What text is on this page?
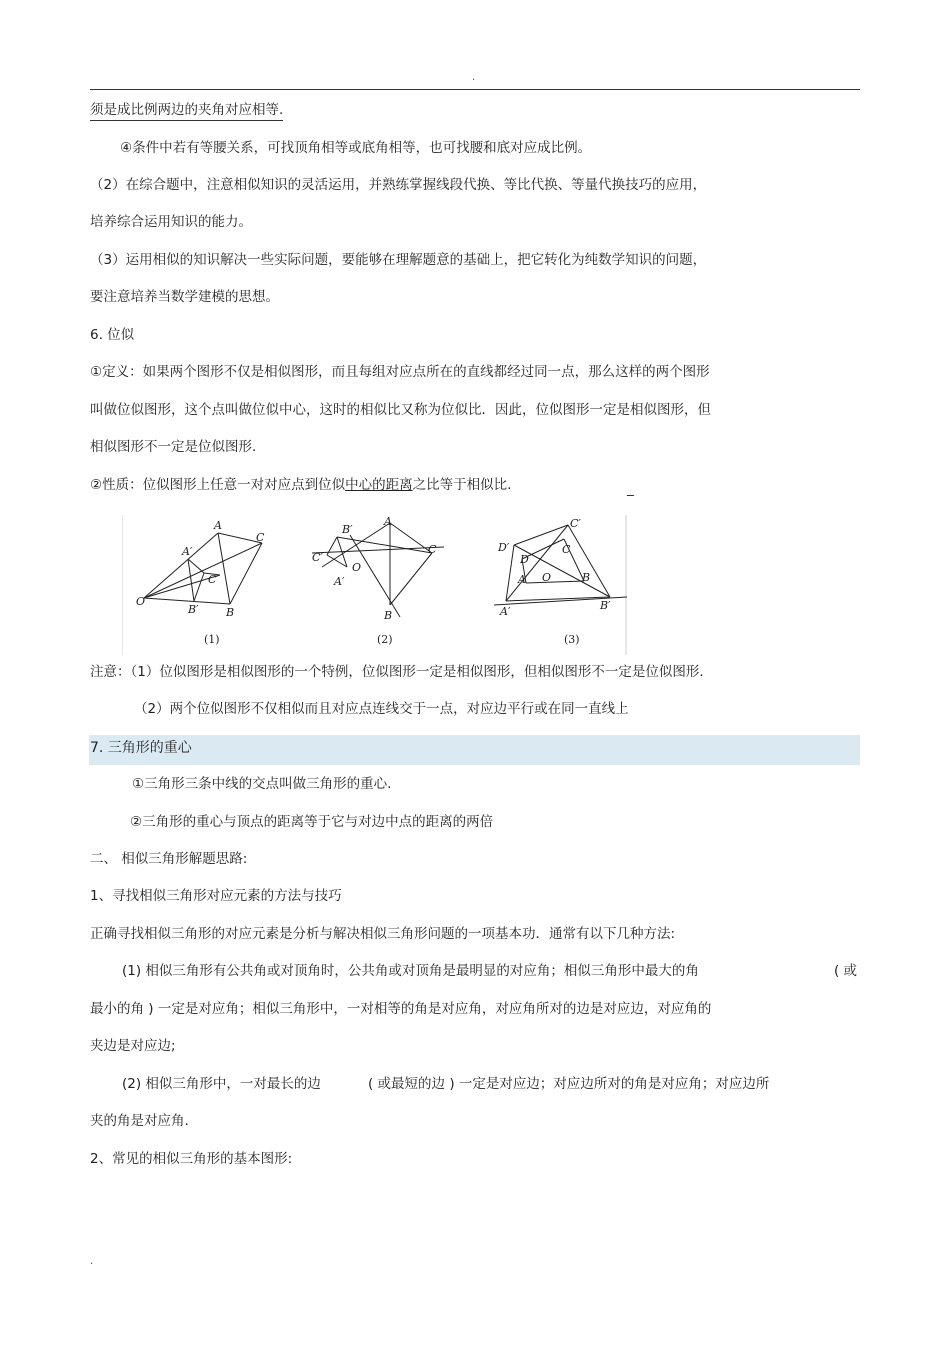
.
须是成比例两边的夹角对应相等.
④条件中若有等腰关系，可找顶角相等或底角相等，也可找腰和底对应成比例。
（2）在综合题中，注意相似知识的灵活运用，并熟练掌握线段代换、等比代换、等量代换技巧的应用，
培养综合运用知识的能力。
（3）运用相似的知识解决一些实际问题，要能够在理解题意的基础上，把它转化为纯数学知识的问题，
要注意培养当数学建模的思想。
6. 位似
①定义：如果两个图形不仅是相似图形，而且每组对应点所在的直线都经过同一点，那么这样的两个图形
叫做位似图形，这个点叫做位似中心，这时的相似比又称为位似比．因此，位似图形一定是相似图形，但
相似图形不一定是位似图形.
②性质：位似图形上任意一对对应点到位似中心的距离之比等于相似比.	_
O
A
A′
C
C′
B′ B
(1)
B′
A
C′
O
A′
C
B
(2)
C′
D′	C
D
A O	B
A′	B′
(3)
注意：（1）位似图形是相似图形的一个特例，位似图形一定是相似图形，但相似图形不一定是位似图形.
（2）两个位似图形不仅相似而且对应点连线交于一点，对应边平行或在同一直线上
7. 三角形的重心
①三角形三条中线的交点叫做三角形的重心.
②三角形的重心与顶点的距离等于它与对边中点的距离的两倍
二、 相似三角形解题思路:
1、寻找相似三角形对应元素的方法与技巧
正确寻找相似三角形的对应元素是分析与解决相似三角形问题的一项基本功．通常有以下几种方法:
(1) 相似三角形有公共角或对顶角时，公共角或对顶角是最明显的对应角；相似三角形中最大的角	( 或
最小的角 ) 一定是对应角；相似三角形中，一对相等的角是对应角，对应角所对的边是对应边，对应角的
夹边是对应边;
(2) 相似三角形中，一对最长的边	( 或最短的边 ) 一定是对应边；对应边所对的角是对应角；对应边所
夹的角是对应角.
2、常见的相似三角形的基本图形:
.
